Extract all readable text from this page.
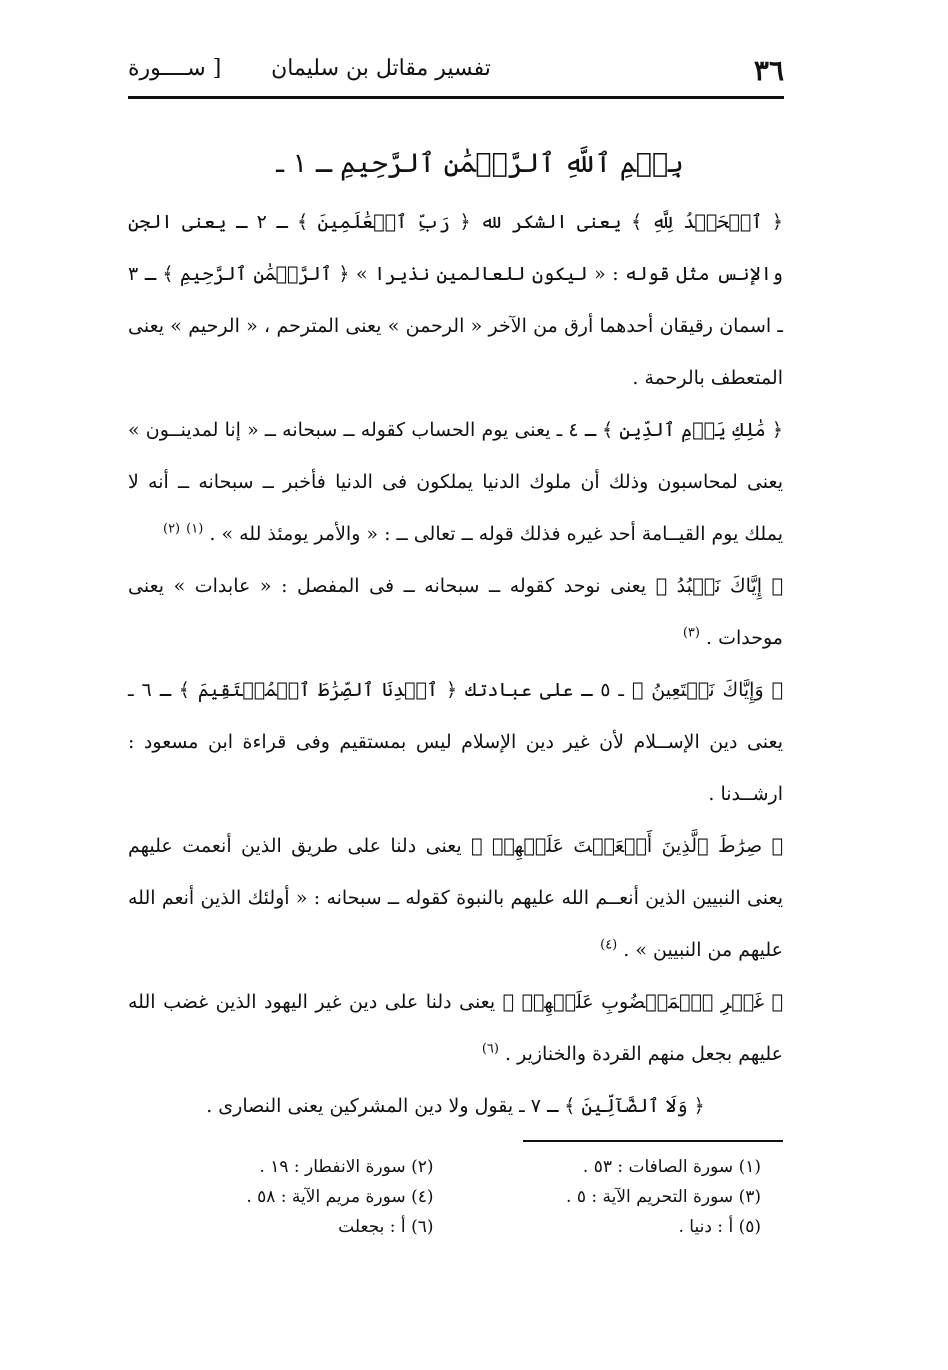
٣٦
تفسير مقاتل بن سليمان
[ ســــورة
بِسۡمِ ٱللَّهِ ٱلرَّحۡمَٰنِ ٱلرَّحِيمِ ـ ١ ـ

﴿ ٱلۡحَمۡدُ لِلَّهِ ﴾ يعنى الشكر لله ﴿ رَبِّ ٱلۡعَٰلَمِينَ ﴾ ـ ٢ ـ يعنى الجن والإنس مثل قوله : « ليكون للعالمين نذيرا » ﴿ ٱلرَّحۡمَٰنِ ٱلرَّحِيمِ ﴾ ـ ٣ ـ اسمان رقيقان أحدهما أرق من الآخر « الرحمن » يعنى المترحم ، « الرحيم » يعنى المتعطف بالرحمة .

﴿ مَٰلِكِ يَوۡمِ ٱلدِّينِ ﴾ ـ ٤ ـ يعنى يوم الحساب كقوله ــ سبحانه ــ « إنا لمدينــون » يعنى لمحاسبون وذلك أن ملوك الدنيا يملكون فى الدنيا فأخبر ــ سبحانه ــ أنه لا يملك يوم القيــامة أحد غيره فذلك قوله ــ تعالى ــ : « والأمر يومئذ لله » . $^{(١)}$ $^{(٢)}$

﴿ إِيَّاكَ نَعۡبُدُ ﴾ يعنى نوحد كقوله ــ سبحانه ــ فى المفصل : « عابدات » يعنى موحدات . $^{(٣)}$

﴿ وَإِيَّاكَ نَسۡتَعِينُ ﴾ ـ ٥ ـ على عبادتك ﴿ ٱهۡدِنَا ٱلصِّرَٰطَ ٱلۡمُسۡتَقِيمَ ﴾ ـ ٦ ـ يعنى دين الإســلام لأن غير دين الإسلام ليس بمستقيم وفى قراءة ابن مسعود : ارشــدنا .

﴿ صِرَٰطَ ٱلَّذِينَ أَنۡعَمۡتَ عَلَيۡهِمۡ ﴾ يعنى دلنا على طريق الذين أنعمت عليهم يعنى النبيين الذين أنعــم الله عليهم بالنبوة كقوله ــ سبحانه : « أولئك الذين أنعم الله عليهم من النبيين » . $^{(٤)}$

﴿ غَيۡرِ ٱلۡمَغۡضُوبِ عَلَيۡهِمۡ ﴾ يعنى دلنا على دين غير اليهود الذين غضب الله عليهم بجعل منهم القردة والخنازير . $^{(٦)}$

﴿ وَلَا ٱلضَّآلِّينَ ﴾ ـ ٧ ـ يقول ولا دين المشركين يعنى النصارى .

(١) سورة الصافات : ٥٣ .
(٢) سورة الانفطار : ١٩ .
(٣) سورة التحريم الآية : ٥ .
(٤) سورة مريم الآية : ٥٨ .
(٥) أ : دنيا .
(٦) أ : بجعلت
